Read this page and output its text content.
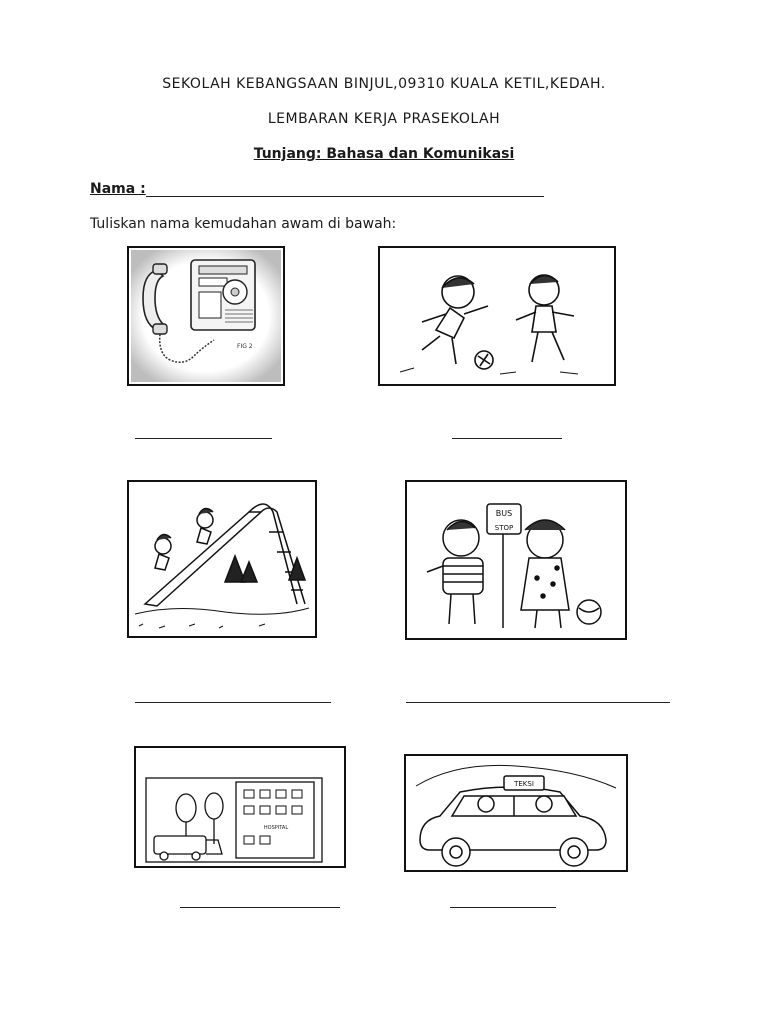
SEKOLAH KEBANGSAAN BINJUL,09310 KUALA KETIL,KEDAH.
LEMBARAN KERJA PRASEKOLAH
Tunjang: Bahasa dan Komunikasi
Nama :
Tuliskan nama kemudahan awam di bawah:
FIG 2
BUS
STOP
HOSPITAL
TEKSI
